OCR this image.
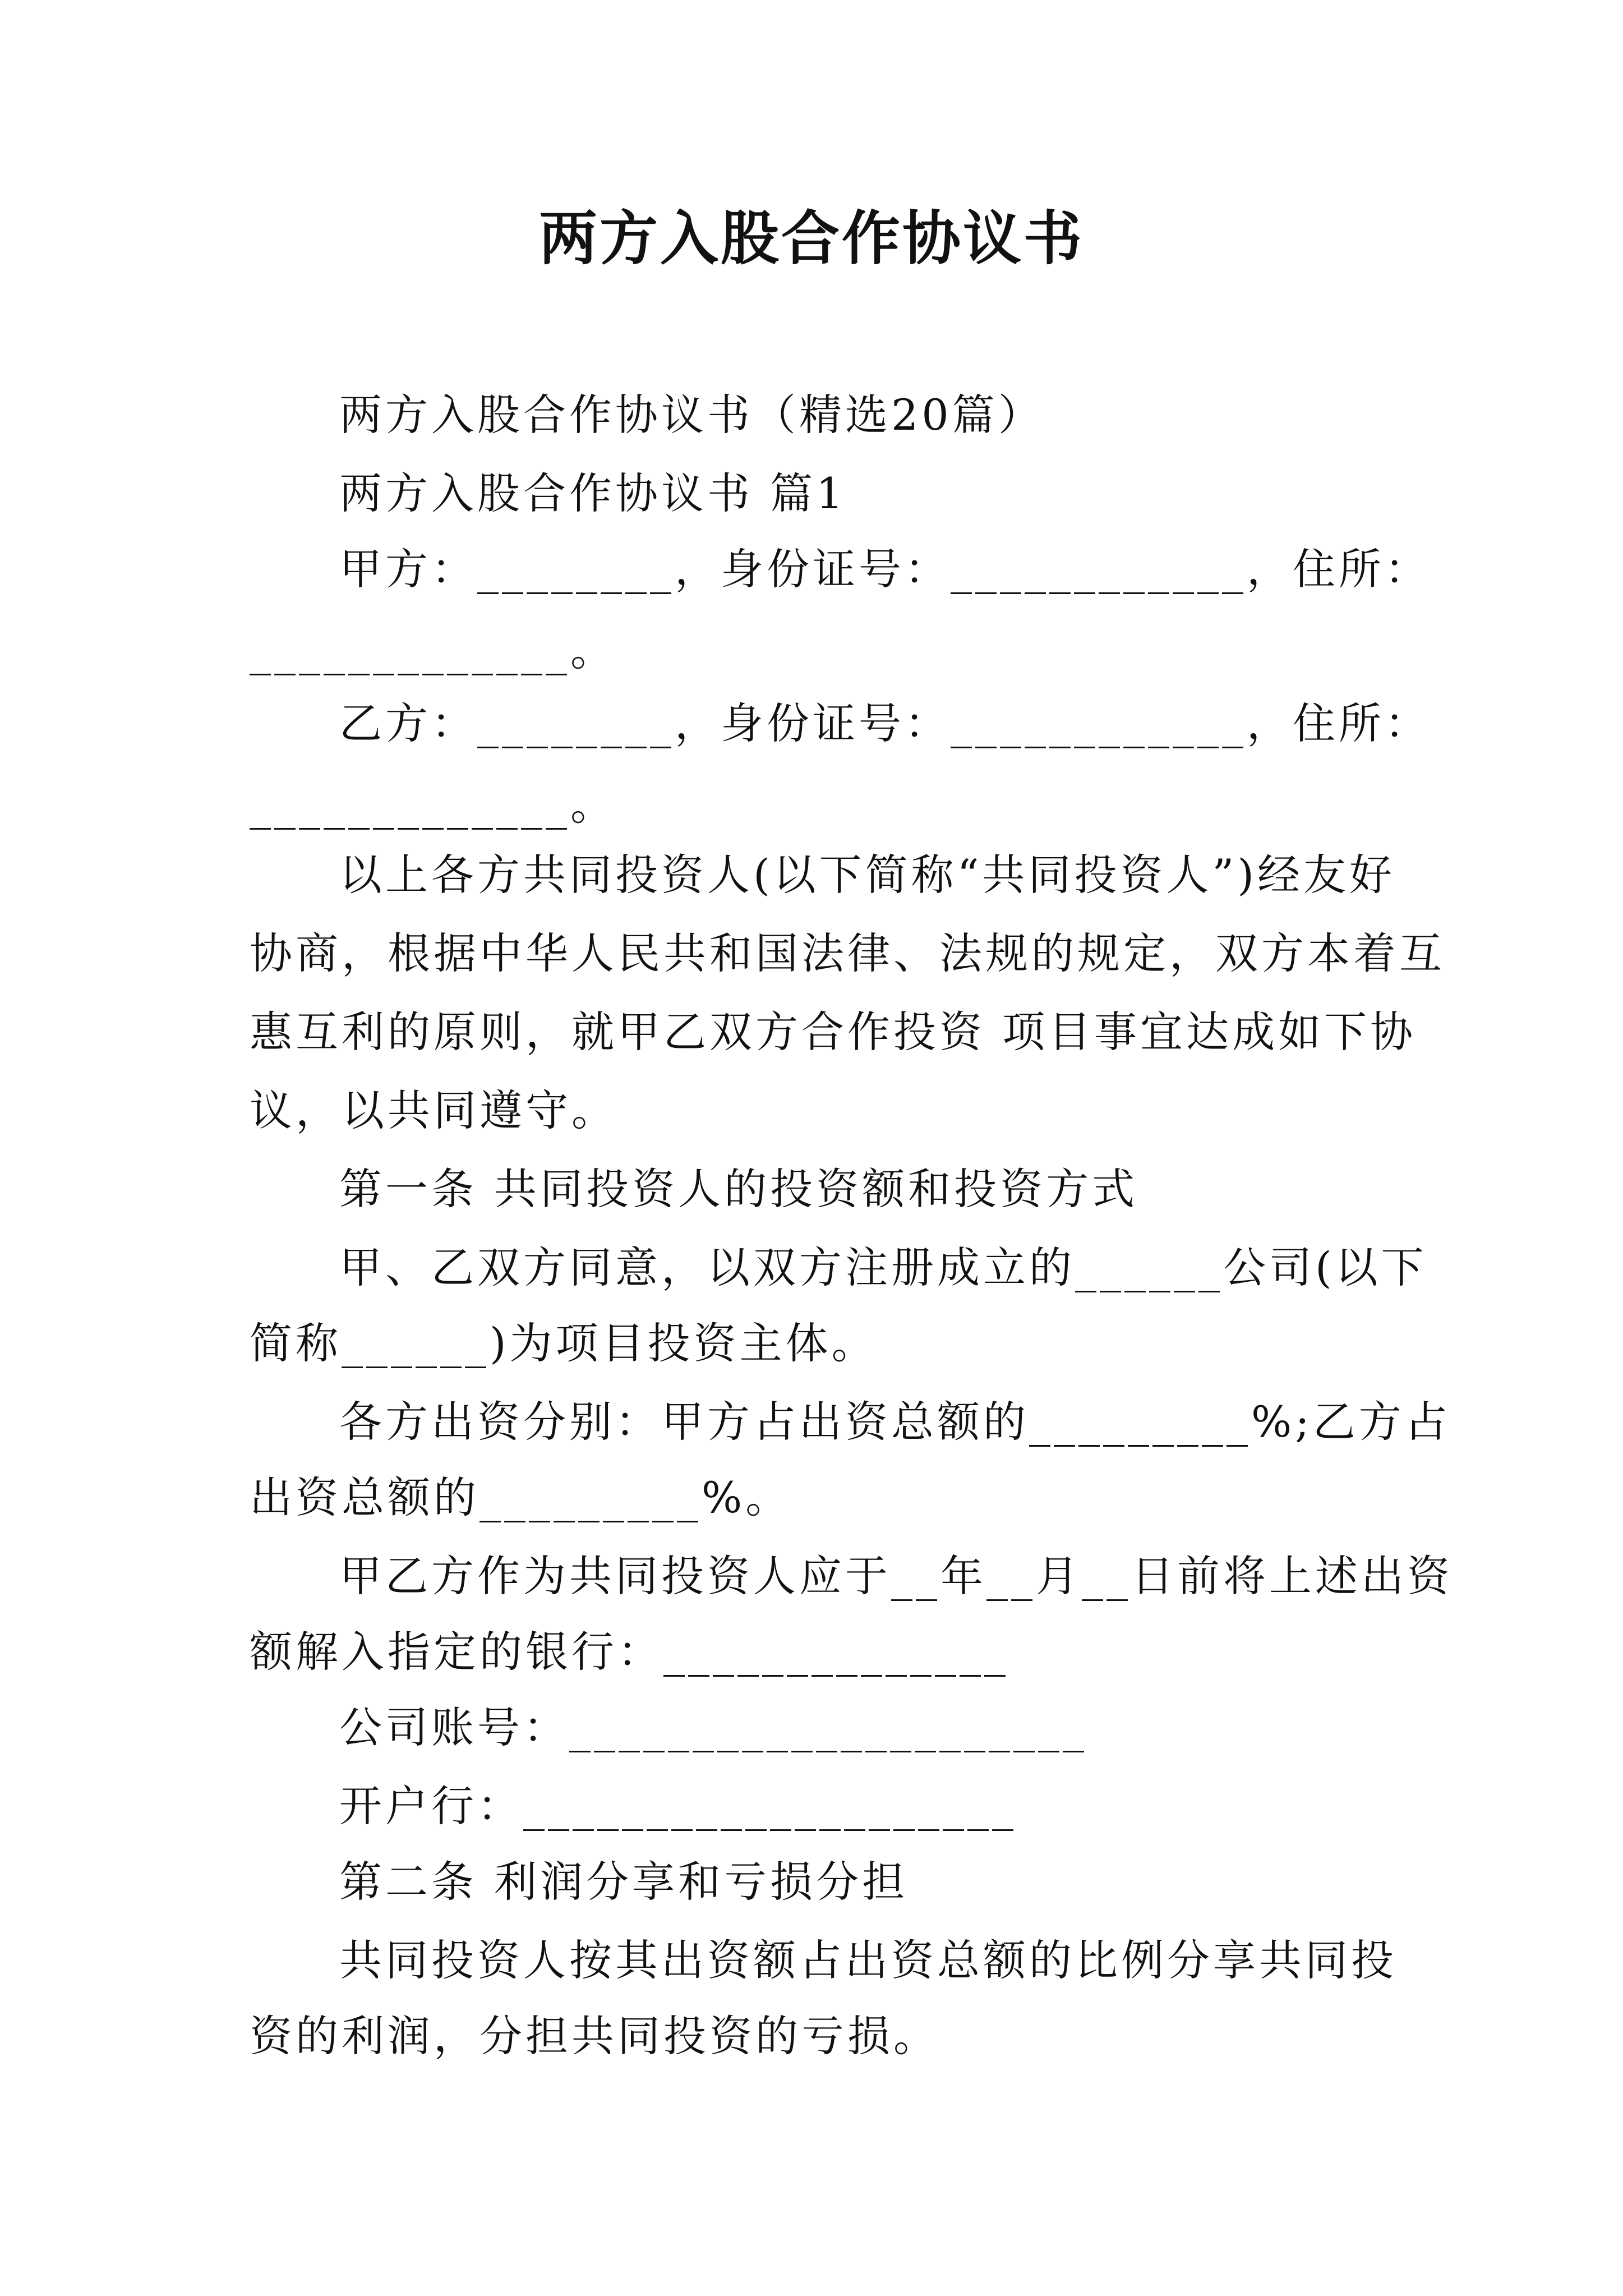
两方入股合作协议书
两方入股合作协议书（精选20篇）
两方入股合作协议书 篇1
甲方：________，身份证号：____________，住所：
_____________。
乙方：________，身份证号：____________，住所：
_____________。
以上各方共同投资人(以下简称“共同投资人”)经友好
协商，根据中华人民共和国法律、法规的规定，双方本着互
惠互利的原则，就甲乙双方合作投资 项目事宜达成如下协
议，以共同遵守。
第一条 共同投资人的投资额和投资方式
甲、乙双方同意，以双方注册成立的______公司(以下
简称______)为项目投资主体。
各方出资分别：甲方占出资总额的_________%;乙方占
出资总额的_________%。
甲乙方作为共同投资人应于__年__月__日前将上述出资
额解入指定的银行：______________
公司账号：_____________________
开户行：____________________
第二条 利润分享和亏损分担
共同投资人按其出资额占出资总额的比例分享共同投
资的利润，分担共同投资的亏损。
